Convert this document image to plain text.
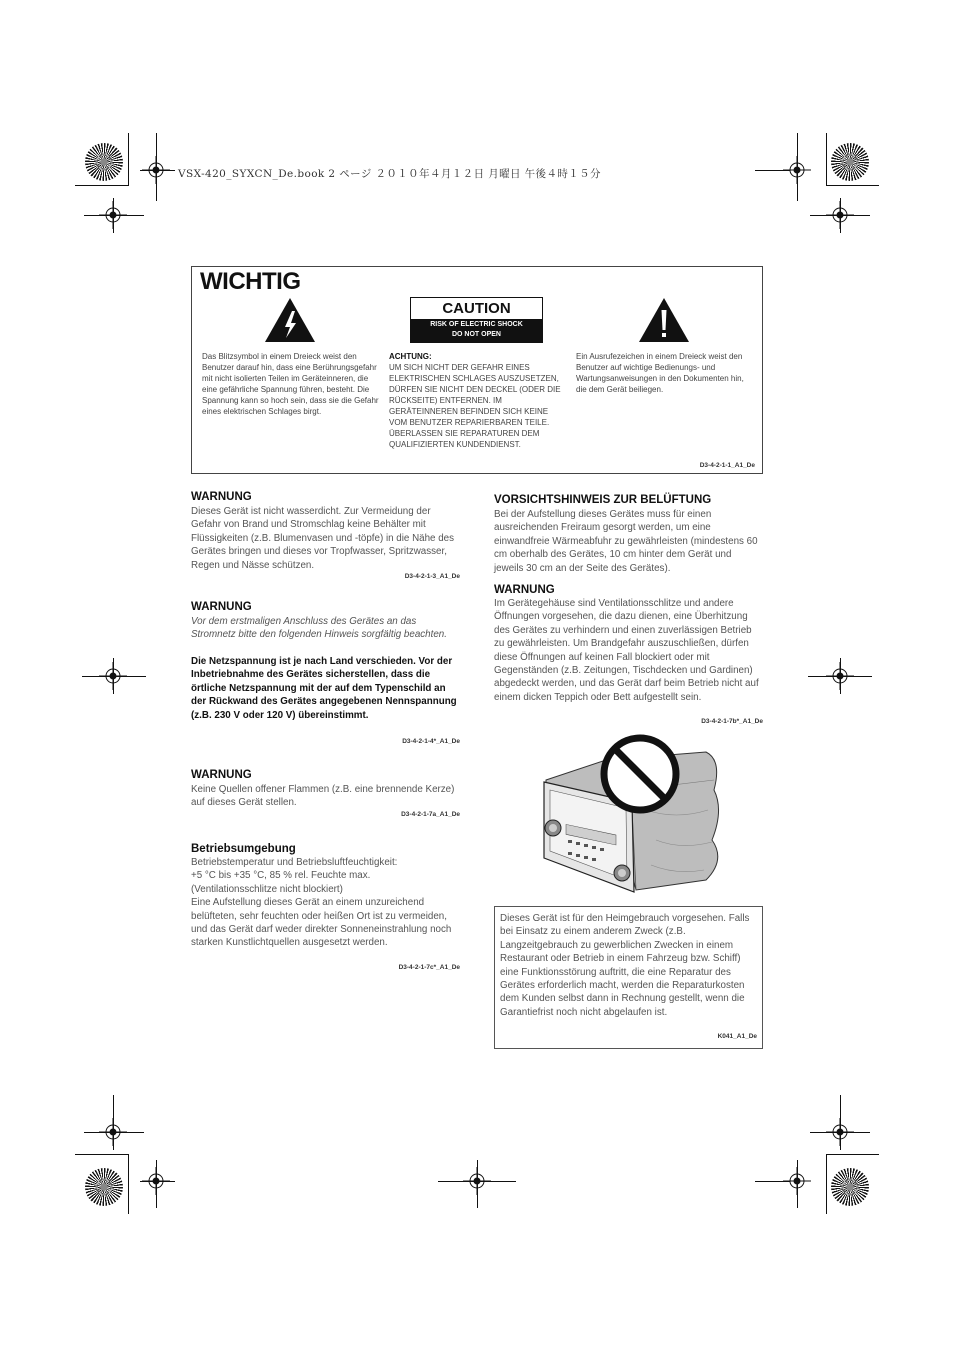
VSX-420_SYXCN_De.book 2 ページ ２０１０年４月１２日 月曜日 午後４時１５分
WICHTIG
CAUTION
RISK OF ELECTRIC SHOCK
DO NOT OPEN
Das Blitzsymbol in einem Dreieck weist den Benutzer darauf hin, dass eine Berührungsgefahr mit nicht isolierten Teilen im Geräteinneren, die eine gefährliche Spannung führen, besteht. Die Spannung kann so hoch sein, dass sie die Gefahr eines elektrischen Schlages birgt.
ACHTUNG:
UM SICH NICHT DER GEFAHR EINES ELEKTRISCHEN SCHLAGES AUSZUSETZEN, DÜRFEN SIE NICHT DEN DECKEL (ODER DIE RÜCKSEITE) ENTFERNEN. IM GERÄTEINNEREN BEFINDEN SICH KEINE VOM BENUTZER REPARIERBAREN TEILE. ÜBERLASSEN SIE REPARATUREN DEM QUALIFIZIERTEN KUNDENDIENST.
Ein Ausrufezeichen in einem Dreieck weist den Benutzer auf wichtige Bedienungs- und Wartungsanweisungen in den Dokumenten hin, die dem Gerät beiliegen.
D3-4-2-1-1_A1_De
WARNUNG
Dieses Gerät ist nicht wasserdicht. Zur Vermeidung der Gefahr von Brand und Stromschlag keine Behälter mit Flüssigkeiten (z.B. Blumenvasen und -töpfe) in die Nähe des Gerätes bringen und dieses vor Tropfwasser, Spritzwasser, Regen und Nässe schützen.
D3-4-2-1-3_A1_De
WARNUNG
Vor dem erstmaligen Anschluss des Gerätes an das Stromnetz bitte den folgenden Hinweis sorgfältig beachten.
Die Netzspannung ist je nach Land verschieden. Vor der Inbetriebnahme des Gerätes sicherstellen, dass die örtliche Netzspannung mit der auf dem Typenschild an der Rückwand des Gerätes angegebenen Nennspannung (z.B. 230 V oder 120 V) übereinstimmt.
D3-4-2-1-4*_A1_De
WARNUNG
Keine Quellen offener Flammen (z.B. eine brennende Kerze) auf dieses Gerät stellen.
D3-4-2-1-7a_A1_De
Betriebsumgebung
Betriebstemperatur und Betriebsluftfeuchtigkeit:
+5 °C bis +35 °C, 85 % rel. Feuchte max.
(Ventilationsschlitze nicht blockiert)
Eine Aufstellung dieses Gerät an einem unzureichend belüfteten, sehr feuchten oder heißen Ort ist zu vermeiden, und das Gerät darf weder direkter Sonneneinstrahlung noch starken Kunstlichtquellen ausgesetzt werden.
D3-4-2-1-7c*_A1_De
VORSICHTSHINWEIS ZUR BELÜFTUNG
Bei der Aufstellung dieses Gerätes muss für einen ausreichenden Freiraum gesorgt werden, um eine einwandfreie Wärmeabfuhr zu gewährleisten (mindestens 60 cm oberhalb des Gerätes, 10 cm hinter dem Gerät und jeweils 30 cm an der Seite des Gerätes).
WARNUNG
Im Gerätegehäuse sind Ventilationsschlitze und andere Öffnungen vorgesehen, die dazu dienen, eine Überhitzung des Gerätes zu verhindern und einen zuverlässigen Betrieb zu gewährleisten. Um Brandgefahr auszuschließen, dürfen diese Öffnungen auf keinen Fall blockiert oder mit Gegenständen (z.B. Zeitungen, Tischdecken und Gardinen) abgedeckt werden, und das Gerät darf beim Betrieb nicht auf einem dicken Teppich oder Bett aufgestellt sein.
D3-4-2-1-7b*_A1_De
Dieses Gerät ist für den Heimgebrauch vorgesehen. Falls bei Einsatz zu einem anderem Zweck (z.B. Langzeitgebrauch zu gewerblichen Zwecken in einem Restaurant oder Betrieb in einem Fahrzeug bzw. Schiff) eine Funktionsstörung auftritt, die eine Reparatur des Gerätes erforderlich macht, werden die Reparaturkosten dem Kunden selbst dann in Rechnung gestellt, wenn die Garantiefrist noch nicht abgelaufen ist.
K041_A1_De
